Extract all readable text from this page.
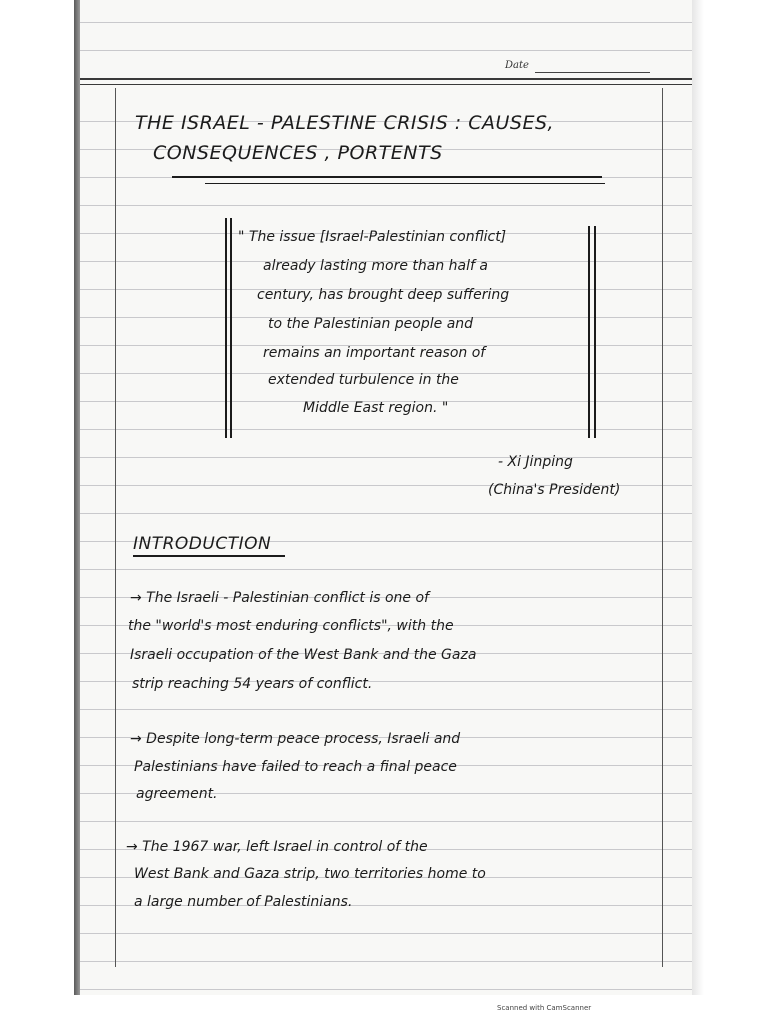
Date
THE ISRAEL - PALESTINE CRISIS : CAUSES,
CONSEQUENCES , PORTENTS
" The issue [Israel-Palestinian conflict]
already lasting more than half a
century, has brought deep suffering
to the Palestinian people and
remains an important reason of
extended turbulence in the
Middle East region. "
- Xi Jinping
(China's President)
INTRODUCTION
→ The Israeli - Palestinian conflict is one of
the "world's most enduring conflicts", with the
Israeli occupation of the West Bank and the Gaza
strip reaching 54 years of conflict.
→ Despite long-term peace process, Israeli and
Palestinians have failed to reach a final peace
agreement.
→ The 1967 war, left Israel in control of the
West Bank and Gaza strip, two territories home to
a large number of Palestinians.
Scanned with CamScanner
